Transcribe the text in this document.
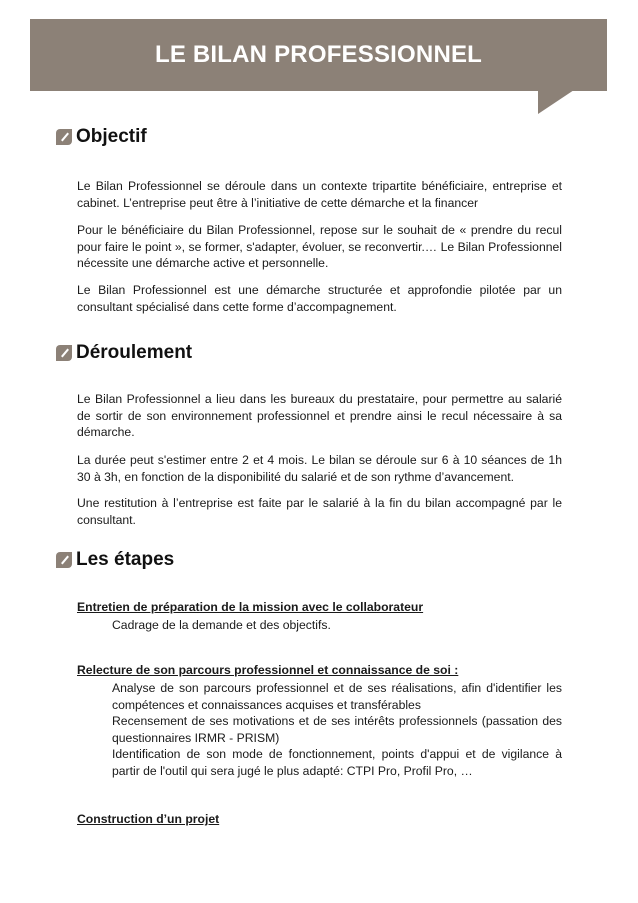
LE BILAN PROFESSIONNEL
Objectif

Le Bilan Professionnel se déroule dans un contexte tripartite bénéficiaire, entreprise et cabinet. L’entreprise peut être à l’initiative de cette démarche et la financer

Pour le bénéficiaire du Bilan Professionnel, repose sur le souhait de « prendre du recul pour faire le point », se former, s'adapter, évoluer, se reconvertir.… Le Bilan Professionnel nécessite une démarche active et personnelle.

Le Bilan Professionnel est une démarche structurée et approfondie pilotée par un consultant spécialisé dans cette forme d’accompagnement.

Déroulement

Le Bilan Professionnel a lieu dans les bureaux du prestataire, pour permettre au salarié de sortir de son environnement professionnel et prendre ainsi le recul nécessaire à sa démarche.

La durée peut s'estimer entre 2 et 4 mois. Le bilan se déroule sur 6 à 10 séances de 1h 30 à 3h, en fonction de la disponibilité du salarié et de son rythme d’avancement.

Une restitution à l’entreprise est faite par le salarié à la fin du bilan accompagné par le consultant.

Les étapes

Entretien de préparation de la mission avec le collaborateur

Cadrage de la demande et des objectifs.

Relecture de son parcours professionnel et connaissance de soi :

Analyse de son parcours professionnel et de ses réalisations, afin d'identifier les compétences et connaissances acquises et transférables

Recensement de ses motivations et de ses intérêts professionnels (passation des questionnaires IRMR - PRISM)

Identification de son mode de fonctionnement, points d'appui et de vigilance à partir de l'outil qui sera jugé le plus adapté: CTPI Pro, Profil Pro, …

Construction d’un projet
